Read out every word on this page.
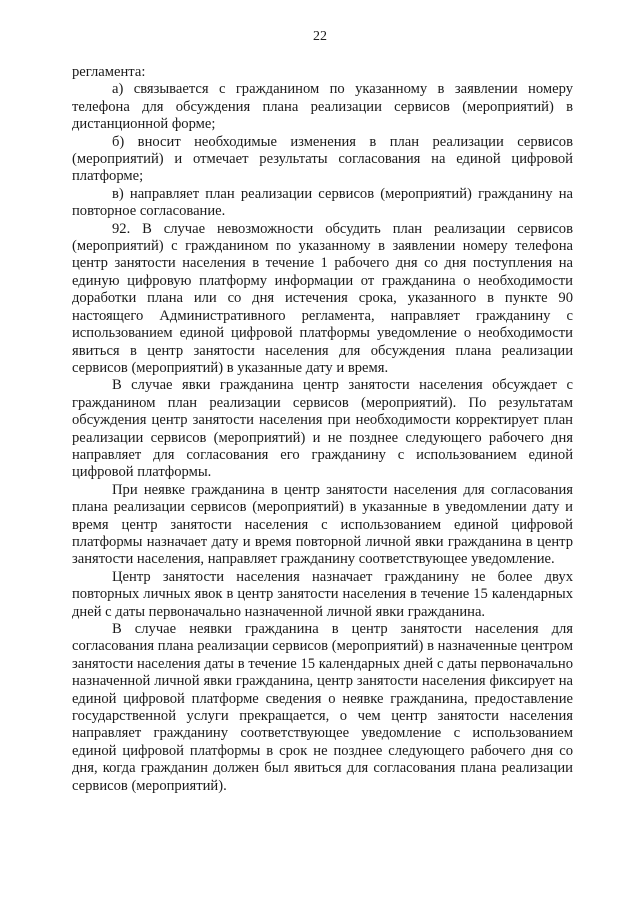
22

регламента:

а) связывается с гражданином по указанному в заявлении номеру телефона для обсуждения плана реализации сервисов (мероприятий) в дистанционной форме;

б) вносит необходимые изменения в план реализации сервисов (мероприятий) и отмечает результаты согласования на единой цифровой платформе;

в) направляет план реализации сервисов (мероприятий) гражданину на повторное согласование.

92. В случае невозможности обсудить план реализации сервисов (мероприятий) с гражданином по указанному в заявлении номеру телефона центр занятости населения в течение 1 рабочего дня со дня поступления на единую цифровую платформу информации от гражданина о необходимости доработки плана или со дня истечения срока, указанного в пункте 90 настоящего Административного регламента, направляет гражданину с использованием единой цифровой платформы уведомление о необходимости явиться в центр занятости населения для обсуждения плана реализации сервисов (мероприятий) в указанные дату и время.

В случае явки гражданина центр занятости населения обсуждает с гражданином план реализации сервисов (мероприятий). По результатам обсуждения центр занятости населения при необходимости корректирует план реализации сервисов (мероприятий) и не позднее следующего рабочего дня направляет для согласования его гражданину с использованием единой цифровой платформы.

При неявке гражданина в центр занятости населения для согласования плана реализации сервисов (мероприятий) в указанные в уведомлении дату и время центр занятости населения с использованием единой цифровой платформы назначает дату и время повторной личной явки гражданина в центр занятости населения, направляет гражданину соответствующее уведомление.

Центр занятости населения назначает гражданину не более двух повторных личных явок в центр занятости населения в течение 15 календарных дней с даты первоначально назначенной личной явки гражданина.

В случае неявки гражданина в центр занятости населения для согласования плана реализации сервисов (мероприятий) в назначенные центром занятости населения даты в течение 15 календарных дней с даты первоначально назначенной личной явки гражданина, центр занятости населения фиксирует на единой цифровой платформе сведения о неявке гражданина, предоставление государственной услуги прекращается, о чем центр занятости населения направляет гражданину соответствующее уведомление с использованием единой цифровой платформы в срок не позднее следующего рабочего дня со дня, когда гражданин должен был явиться для согласования плана реализации сервисов (мероприятий).
